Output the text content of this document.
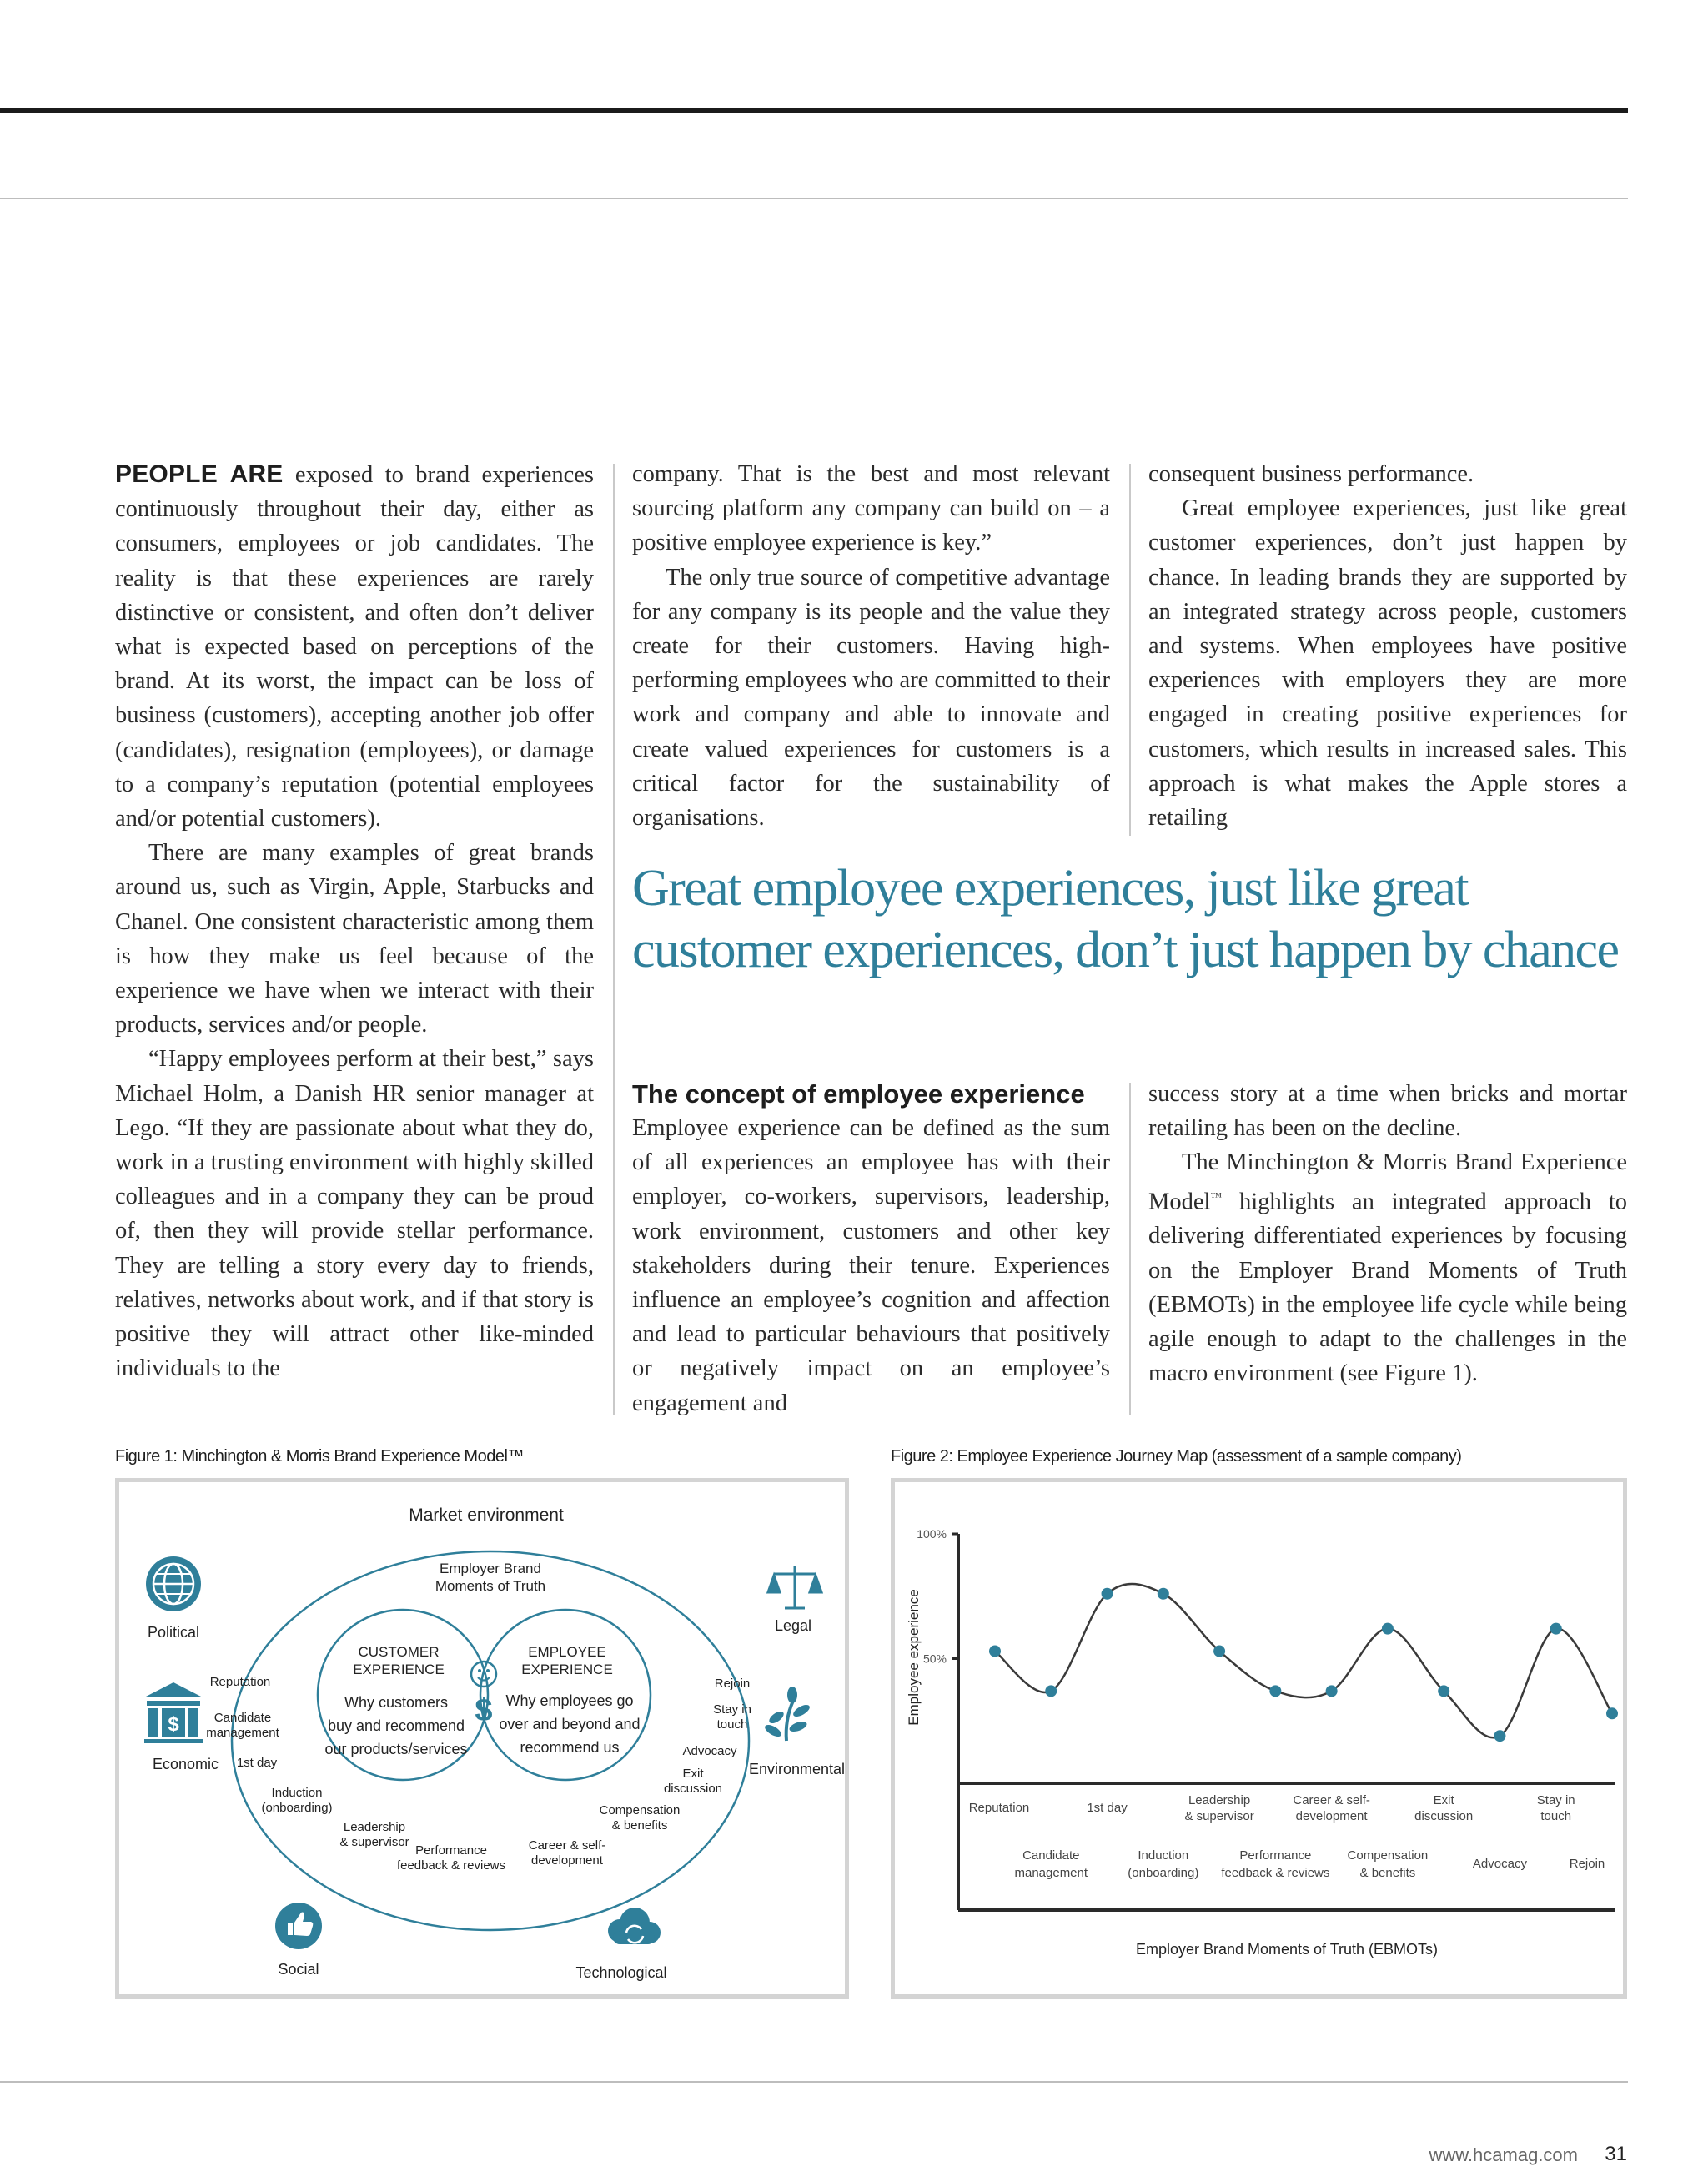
PEOPLE ARE exposed to brand experiences continuously throughout their day, either as consumers, employees or job candidates. The reality is that these experiences are rarely distinctive or consistent, and often don’t deliver what is expected based on perceptions of the brand. At its worst, the impact can be loss of business (customers), accepting another job offer (candidates), resignation (employees), or damage to a company’s reputation (potential employees and/or potential customers).

There are many examples of great brands around us, such as Virgin, Apple, Starbucks and Chanel. One consistent characteristic among them is how they make us feel because of the experience we have when we interact with their products, services and/or people.

“Happy employees perform at their best,” says Michael Holm, a Danish HR senior manager at Lego. “If they are passionate about what they do, work in a trusting environment with highly skilled colleagues and in a company they can be proud of, then they will provide stellar performance. They are telling a story every day to friends, relatives, networks about work, and if that story is positive they will attract other like-minded individuals to the

company. That is the best and most relevant sourcing platform any company can build on – a positive employee experience is key.”

The only true source of competitive advantage for any company is its people and the value they create for their customers. Having high-performing employees who are committed to their work and company and able to innovate and create valued experiences for customers is a critical factor for the sustainability of organisations.

consequent business performance.

Great employee experiences, just like great customer experiences, don’t just happen by chance. In leading brands they are supported by an integrated strategy across people, customers and systems. When employees have positive experiences with employers they are more engaged in creating positive experiences for customers, which results in increased sales. This approach is what makes the Apple stores a retailing

Great employee experiences, just like great customer experiences, don’t just happen by chance

The concept of employee experience

Employee experience can be defined as the sum of all experiences an employee has with their employer, co-workers, supervisors, leadership, work environment, customers and other key stakeholders during their tenure. Experiences influence an employee’s cognition and affection and lead to particular behaviours that positively or negatively impact on an employee’s engagement and

success story at a time when bricks and mortar retailing has been on the decline.

The Minchington & Morris Brand Experience Model™ highlights an integrated approach to delivering differentiated experiences by focusing on the Employer Brand Moments of Truth (EBMOTs) in the employee life cycle while being agile enough to adapt to the challenges in the macro environment (see Figure 1).

Figure 1: Minchington & Morris Brand Experience Model™	Figure 2: Employee Experience Journey Map (assessment of a sample company)
Market environment
Employer Brand
Moments of Truth
CUSTOMER
EXPERIENCE
Why customers
buy and recommend
our products/services
EMPLOYEE
EXPERIENCE
Why employees go
over and beyond and
recommend us
$
Political	Legal
$
Economic	Environmental
Social	Technological
Reputation
Candidate
management
1st day
Induction
(onboarding)
Leadership
& supervisor
Performance
feedback & reviews
Career & self-
development
Compensation
& benefits
Exit
discussion
Advocacy
Stay in
touch
Rejoin
100%
50%
Employee experience
Employer Brand Moments of Truth (EBMOTs)
Reputation	1st day
Leadership
& supervisor
Career & self-
development
Exit
discussion
Stay in
touch
Candidate
management
Induction
(onboarding)
Performance
feedback & reviews
Compensation
& benefits
Advocacy	Rejoin
www.hcamag.com 31
